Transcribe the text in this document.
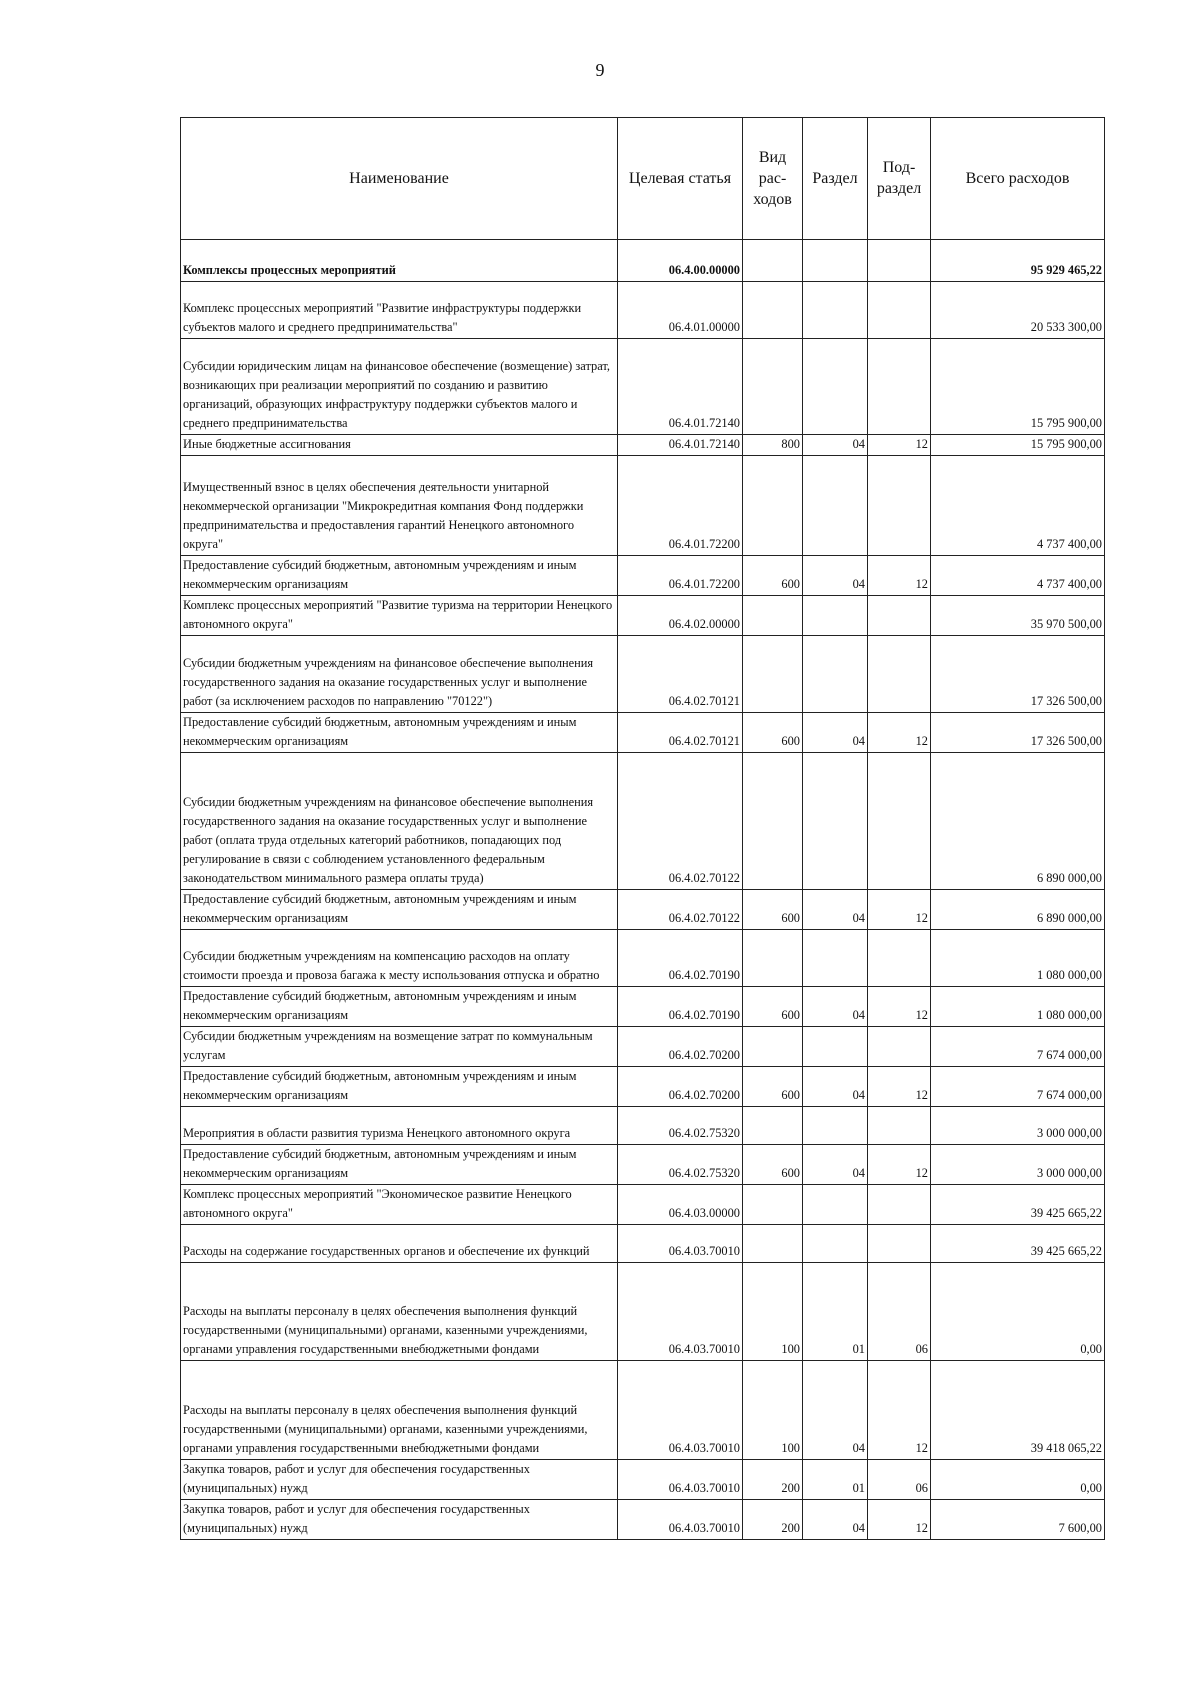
9
Наименование	Целевая статья	Вид рас-ходов	Раздел	Под-раздел	Всего расходов
Комплексы процессных мероприятий	06.4.00.00000				95 929 465,22
Комплекс процессных мероприятий "Развитие инфраструктуры поддержки субъектов малого и среднего предпринимательства"	06.4.01.00000				20 533 300,00
Субсидии юридическим лицам на финансовое обеспечение (возмещение) затрат, возникающих при реализации мероприятий по созданию и развитию организаций, образующих инфраструктуру поддержки субъектов малого и среднего предпринимательства	06.4.01.72140				15 795 900,00
Иные бюджетные ассигнования	06.4.01.72140	800	04	12	15 795 900,00
Имущественный взнос в целях обеспечения деятельности унитарной некоммерческой организации "Микрокредитная компания Фонд поддержки предпринимательства и предоставления гарантий Ненецкого автономного округа"	06.4.01.72200				4 737 400,00
Предоставление субсидий бюджетным, автономным учреждениям и иным некоммерческим организациям	06.4.01.72200	600	04	12	4 737 400,00
Комплекс процессных мероприятий "Развитие туризма на территории Ненецкого автономного округа"	06.4.02.00000				35 970 500,00
Субсидии бюджетным учреждениям на финансовое обеспечение выполнения государственного задания на оказание государственных услуг и выполнение работ (за исключением расходов по направлению "70122")	06.4.02.70121				17 326 500,00
Предоставление субсидий бюджетным, автономным учреждениям и иным некоммерческим организациям	06.4.02.70121	600	04	12	17 326 500,00
Субсидии бюджетным учреждениям на финансовое обеспечение выполнения государственного задания на оказание государственных услуг и выполнение работ (оплата труда отдельных категорий работников, попадающих под регулирование в связи с соблюдением установленного федеральным законодательством минимального размера оплаты труда)	06.4.02.70122				6 890 000,00
Предоставление субсидий бюджетным, автономным учреждениям и иным некоммерческим организациям	06.4.02.70122	600	04	12	6 890 000,00
Субсидии бюджетным учреждениям на компенсацию расходов на оплату стоимости проезда и провоза багажа к месту использования отпуска и обратно	06.4.02.70190				1 080 000,00
Предоставление субсидий бюджетным, автономным учреждениям и иным некоммерческим организациям	06.4.02.70190	600	04	12	1 080 000,00
Субсидии бюджетным учреждениям на возмещение затрат по коммунальным услугам	06.4.02.70200				7 674 000,00
Предоставление субсидий бюджетным, автономным учреждениям и иным некоммерческим организациям	06.4.02.70200	600	04	12	7 674 000,00
Мероприятия в области развития туризма Ненецкого автономного округа	06.4.02.75320				3 000 000,00
Предоставление субсидий бюджетным, автономным учреждениям и иным некоммерческим организациям	06.4.02.75320	600	04	12	3 000 000,00
Комплекс процессных мероприятий "Экономическое развитие Ненецкого автономного округа"	06.4.03.00000				39 425 665,22
Расходы на содержание государственных органов и обеспечение их функций	06.4.03.70010				39 425 665,22
Расходы на выплаты персоналу в целях обеспечения выполнения функций государственными (муниципальными) органами, казенными учреждениями, органами управления государственными внебюджетными фондами	06.4.03.70010	100	01	06	0,00
Расходы на выплаты персоналу в целях обеспечения выполнения функций государственными (муниципальными) органами, казенными учреждениями, органами управления государственными внебюджетными фондами	06.4.03.70010	100	04	12	39 418 065,22
Закупка товаров, работ и услуг для обеспечения государственных (муниципальных) нужд	06.4.03.70010	200	01	06	0,00
Закупка товаров, работ и услуг для обеспечения государственных (муниципальных) нужд	06.4.03.70010	200	04	12	7 600,00
